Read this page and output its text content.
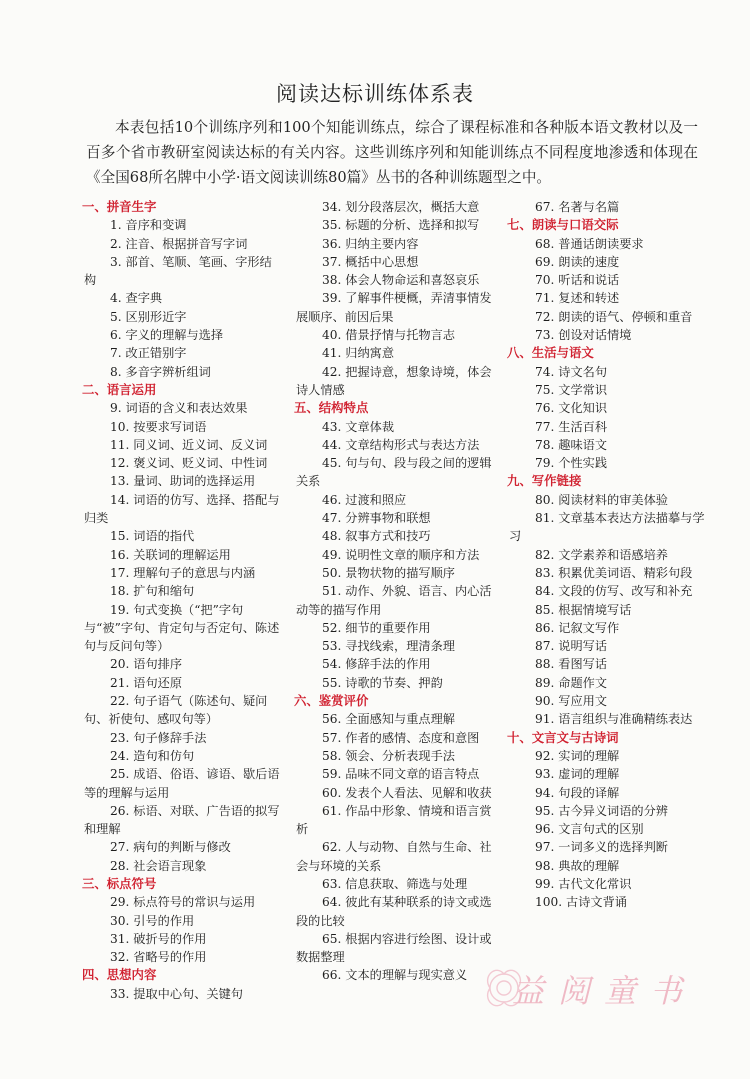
阅读达标训练体系表
本表包括10个训练序列和100个知能训练点，综合了课程标准和各种版本语文教材以及一百多个省市教研室阅读达标的有关内容。这些训练序列和知能训练点不同程度地渗透和体现在《全国68所名牌中小学·语文阅读训练80篇》丛书的各种训练题型之中。
一、拼音生字
1. 音序和变调
2. 注音、根据拼音写字词
3. 部首、笔顺、笔画、字形结构
4. 查字典
5. 区别形近字
6. 字义的理解与选择
7. 改正错别字
8. 多音字辨析组词
二、语言运用
9. 词语的含义和表达效果
10. 按要求写词语
11. 同义词、近义词、反义词
12. 褒义词、贬义词、中性词
13. 量词、助词的选择运用
14. 词语的仿写、选择、搭配与归类
15. 词语的指代
16. 关联词的理解运用
17. 理解句子的意思与内涵
18. 扩句和缩句
19. 句式变换（“把”字句与“被”字句、肯定句与否定句、陈述句与反问句等）
20. 语句排序
21. 语句还原
22. 句子语气（陈述句、疑问句、祈使句、感叹句等）
23. 句子修辞手法
24. 造句和仿句
25. 成语、俗语、谚语、歇后语等的理解与运用
26. 标语、对联、广告语的拟写和理解
27. 病句的判断与修改
28. 社会语言现象
三、标点符号
29. 标点符号的常识与运用
30. 引号的作用
31. 破折号的作用
32. 省略号的作用
四、思想内容
33. 提取中心句、关键句
34. 划分段落层次，概括大意
35. 标题的分析、选择和拟写
36. 归纳主要内容
37. 概括中心思想
38. 体会人物命运和喜怒哀乐
39. 了解事件梗概，弄清事情发展顺序、前因后果
40. 借景抒情与托物言志
41. 归纳寓意
42. 把握诗意，想象诗境，体会诗人情感
五、结构特点
43. 文章体裁
44. 文章结构形式与表达方法
45. 句与句、段与段之间的逻辑关系
46. 过渡和照应
47. 分辨事物和联想
48. 叙事方式和技巧
49. 说明性文章的顺序和方法
50. 景物状物的描写顺序
51. 动作、外貌、语言、内心活动等的描写作用
52. 细节的重要作用
53. 寻找线索，理清条理
54. 修辞手法的作用
55. 诗歌的节奏、押韵
六、鉴赏评价
56. 全面感知与重点理解
57. 作者的感情、态度和意图
58. 领会、分析表现手法
59. 品味不同文章的语言特点
60. 发表个人看法、见解和收获
61. 作品中形象、情境和语言赏析
62. 人与动物、自然与生命、社会与环境的关系
63. 信息获取、筛选与处理
64. 彼此有某种联系的诗文或选段的比较
65. 根据内容进行绘图、设计或数据整理
66. 文本的理解与现实意义
67. 名著与名篇
七、朗读与口语交际
68. 普通话朗读要求
69. 朗读的速度
70. 听话和说话
71. 复述和转述
72. 朗读的语气、停顿和重音
73. 创设对话情境
八、生活与语文
74. 诗文名句
75. 文学常识
76. 文化知识
77. 生活百科
78. 趣味语文
79. 个性实践
九、写作链接
80. 阅读材料的审美体验
81. 文章基本表达方法描摹与学习
82. 文学素养和语感培养
83. 积累优美词语、精彩句段
84. 文段的仿写、改写和补充
85. 根据情境写话
86. 记叙文写作
87. 说明写话
88. 看图写话
89. 命题作文
90. 写应用文
91. 语言组织与准确精练表达
十、文言文与古诗词
92. 实词的理解
93. 虚词的理解
94. 句段的译解
95. 古今异义词语的分辨
96. 文言句式的区别
97. 一词多义的选择判断
98. 典故的理解
99. 古代文化常识
100. 古诗文背诵
益阅童书
